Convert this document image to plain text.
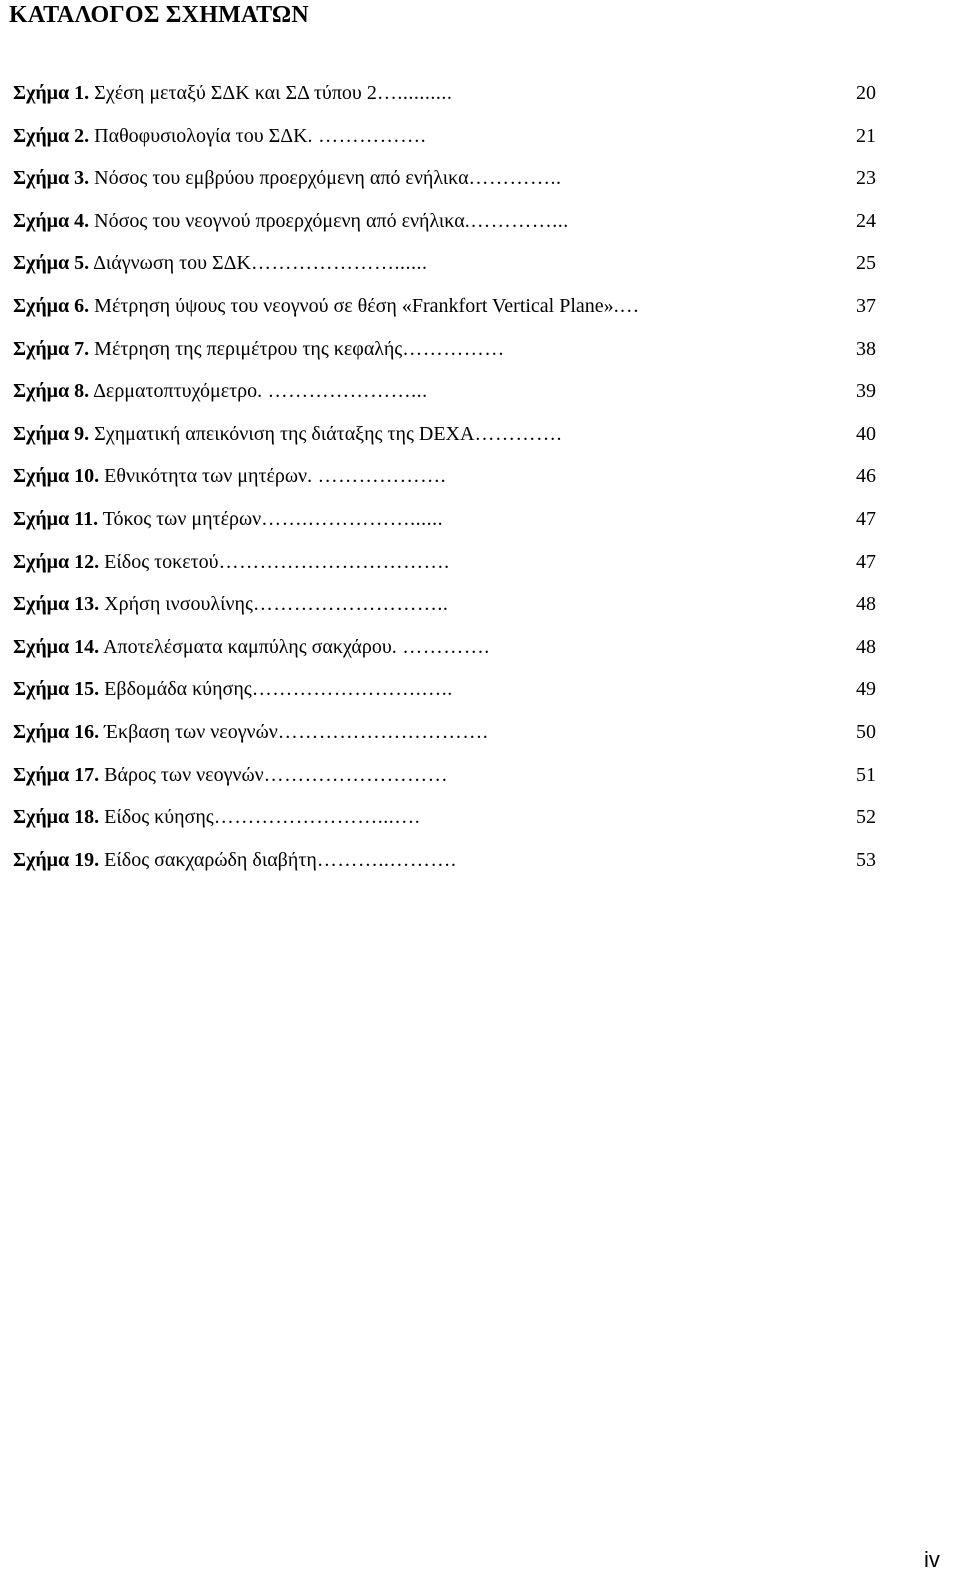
ΚΑΤΑΛΟΓΟΣ ΣΧΗΜΑΤΩΝ
Σχήμα 1. Σχέση μεταξύ ΣΔΚ και ΣΔ τύπου 2…..........	20
Σχήμα 2. Παθοφυσιολογία του ΣΔΚ. …………….	21
Σχήμα 3. Νόσος του εμβρύου προερχόμενη από ενήλικα…………..	23
Σχήμα 4. Νόσος του νεογνού προερχόμενη από ενήλικα.…………...	24
Σχήμα 5. Διάγνωση του ΣΔΚ…………………......	25
Σχήμα 6. Μέτρηση ύψους του νεογνού σε θέση «Frankfort Vertical Plane».…	37
Σχήμα 7. Μέτρηση της περιμέτρου της κεφαλής……………	38
Σχήμα 8. Δερματοπτυχόμετρο. …………………...	39
Σχήμα 9. Σχηματική απεικόνιση της διάταξης της DEXA………….	40
Σχήμα 10. Εθνικότητα των μητέρων. ……………….	46
Σχήμα 11. Τόκος των μητέρων…….……………......	47
Σχήμα 12. Είδος τοκετού…………………………….	47
Σχήμα 13. Χρήση ινσουλίνης………………………..	48
Σχήμα 14. Αποτελέσματα καμπύλης σακχάρου. ………….	48
Σχήμα 15. Εβδομάδα κύησης…………………….…..	49
Σχήμα 16. Έκβαση των νεογνών………………………….	50
Σχήμα 17. Βάρος των νεογνών………………………	51
Σχήμα 18. Είδος κύησης……………………...….	52
Σχήμα 19. Είδος σακχαρώδη διαβήτη………..……….	53
iv
